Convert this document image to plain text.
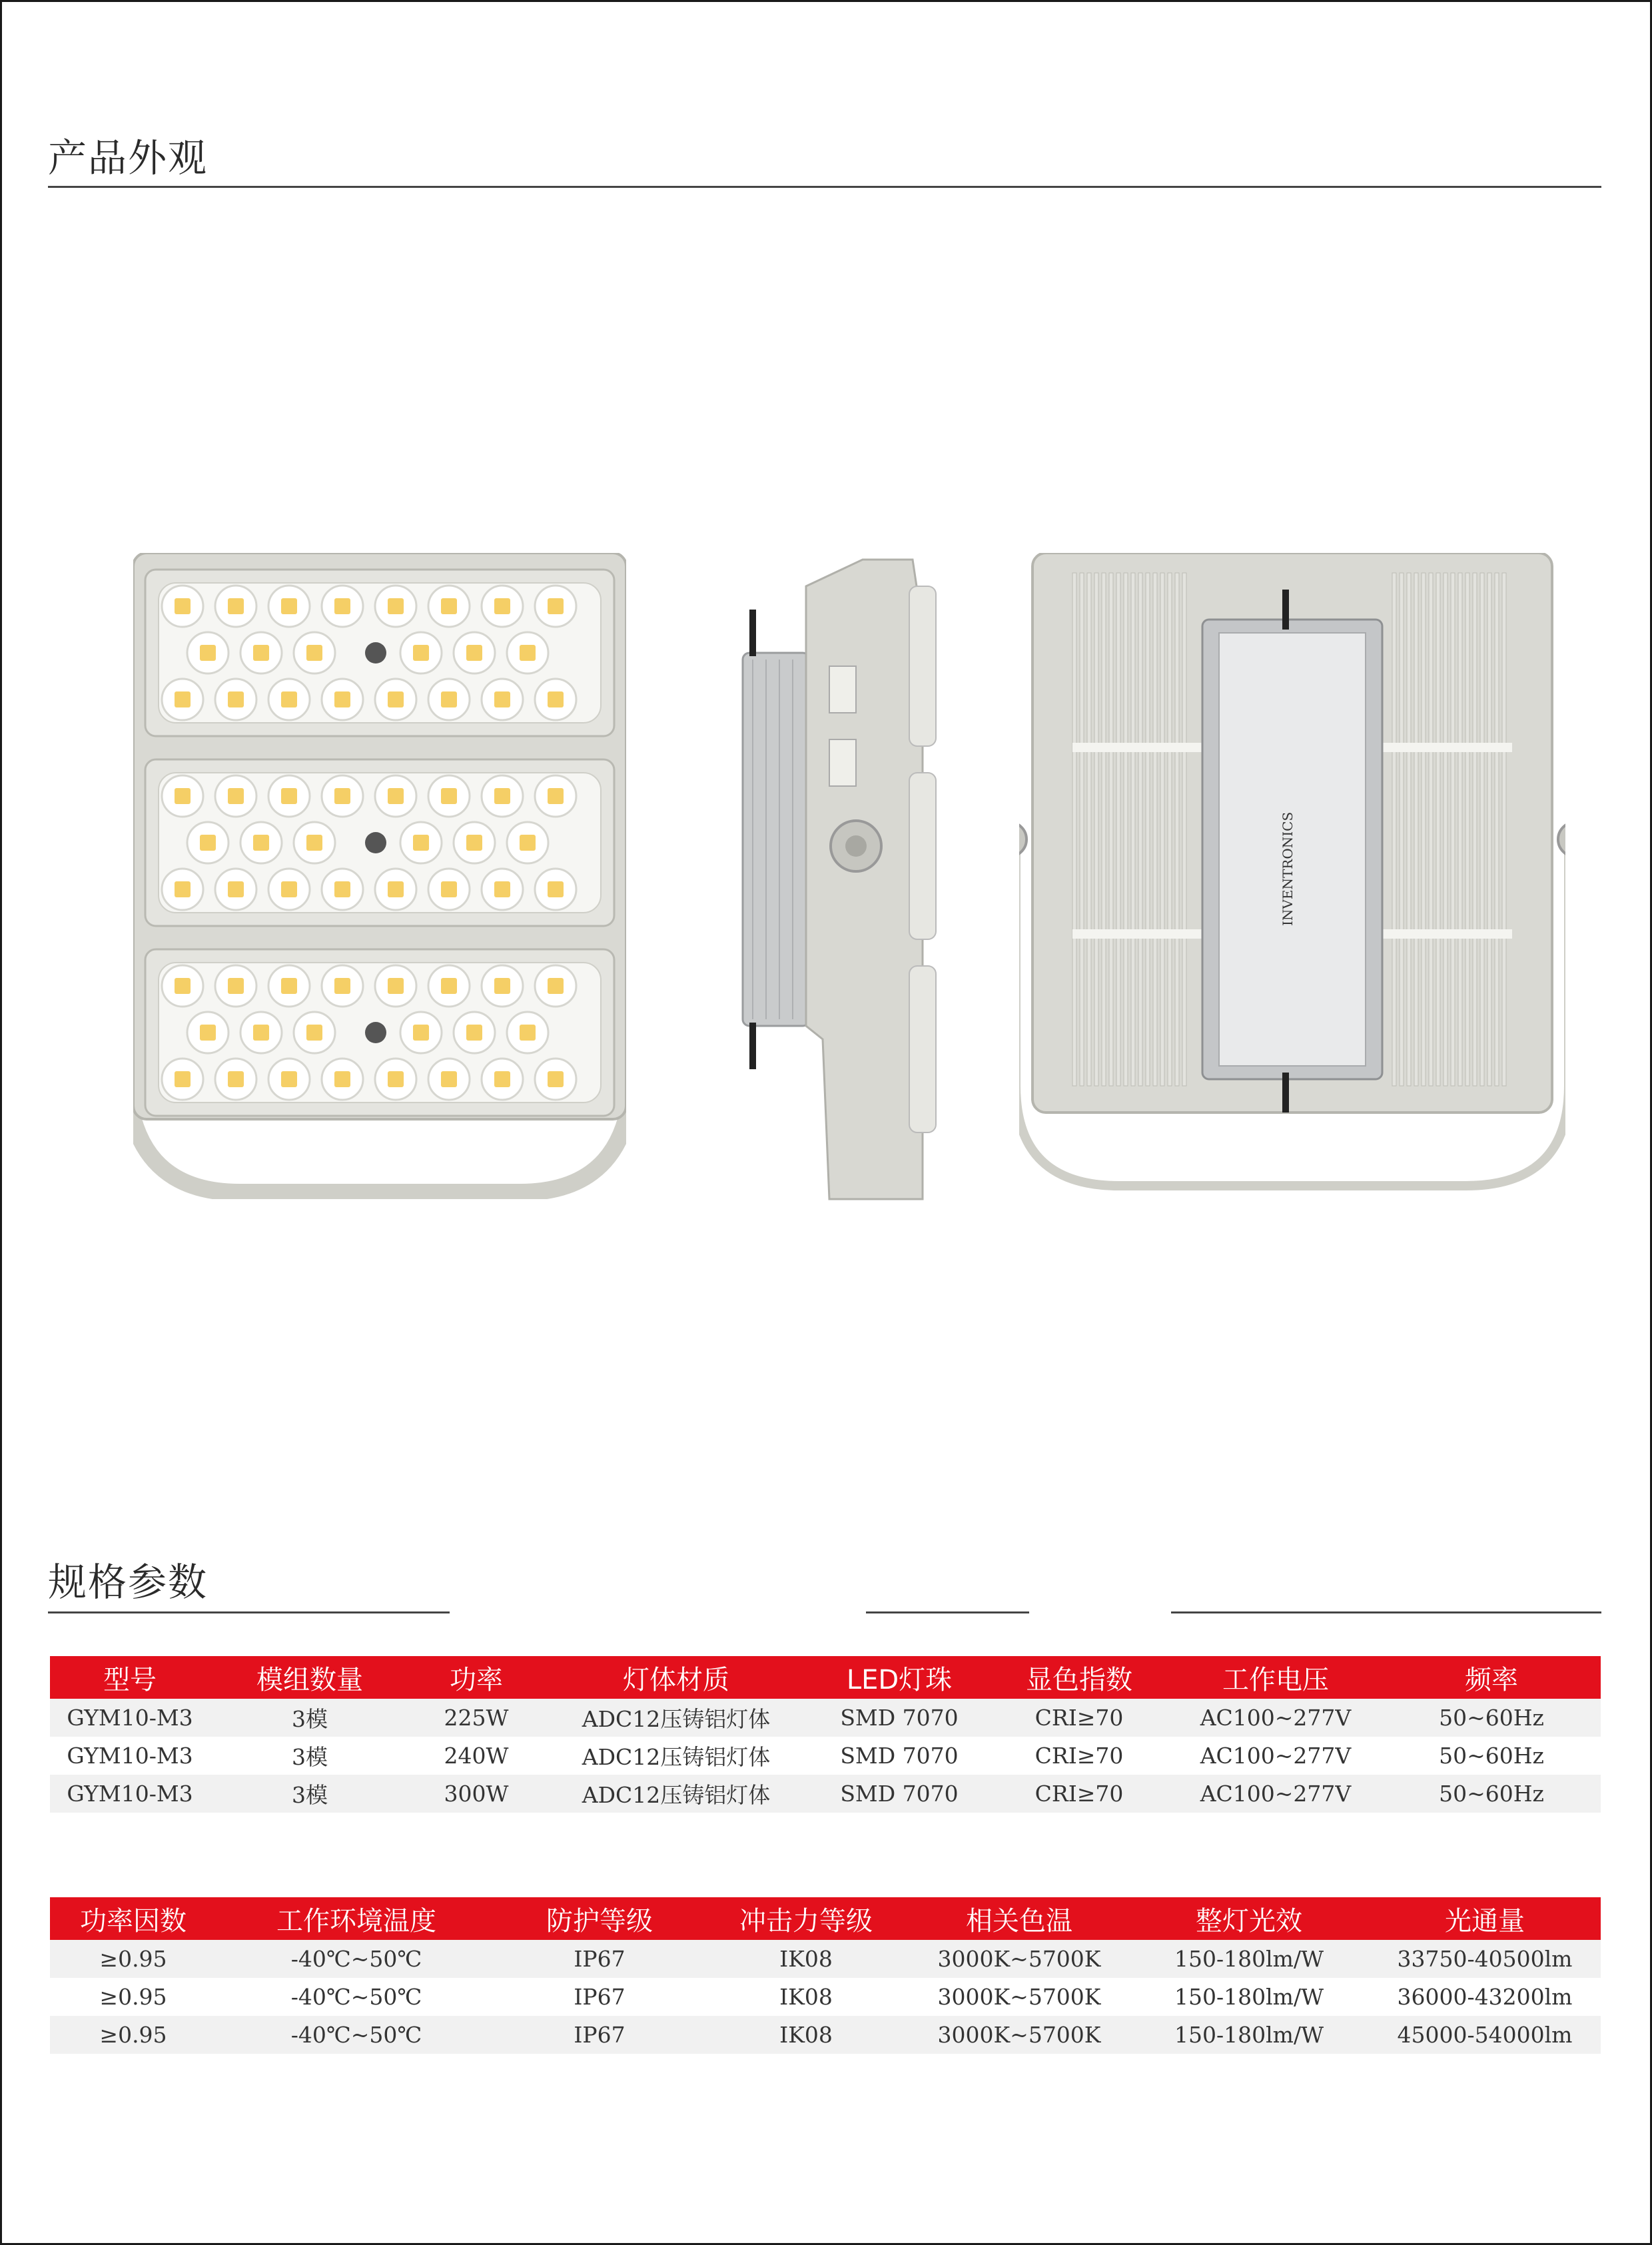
产品外观
INVENTRONICS
规格参数
型号	模组数量	功率	灯体材质	LED灯珠	显色指数	工作电压	频率
GYM10-M3	3模	225W	ADC12压铸铝灯体	SMD 7070	CRI≥70	AC100~277V	50~60Hz
GYM10-M3	3模	240W	ADC12压铸铝灯体	SMD 7070	CRI≥70	AC100~277V	50~60Hz
GYM10-M3	3模	300W	ADC12压铸铝灯体	SMD 7070	CRI≥70	AC100~277V	50~60Hz
功率因数	工作环境温度	防护等级	冲击力等级	相关色温	整灯光效	光通量
≥0.95	-40℃~50℃	IP67	IK08	3000K~5700K	150-180lm/W	33750-40500lm
≥0.95	-40℃~50℃	IP67	IK08	3000K~5700K	150-180lm/W	36000-43200lm
≥0.95	-40℃~50℃	IP67	IK08	3000K~5700K	150-180lm/W	45000-54000lm
